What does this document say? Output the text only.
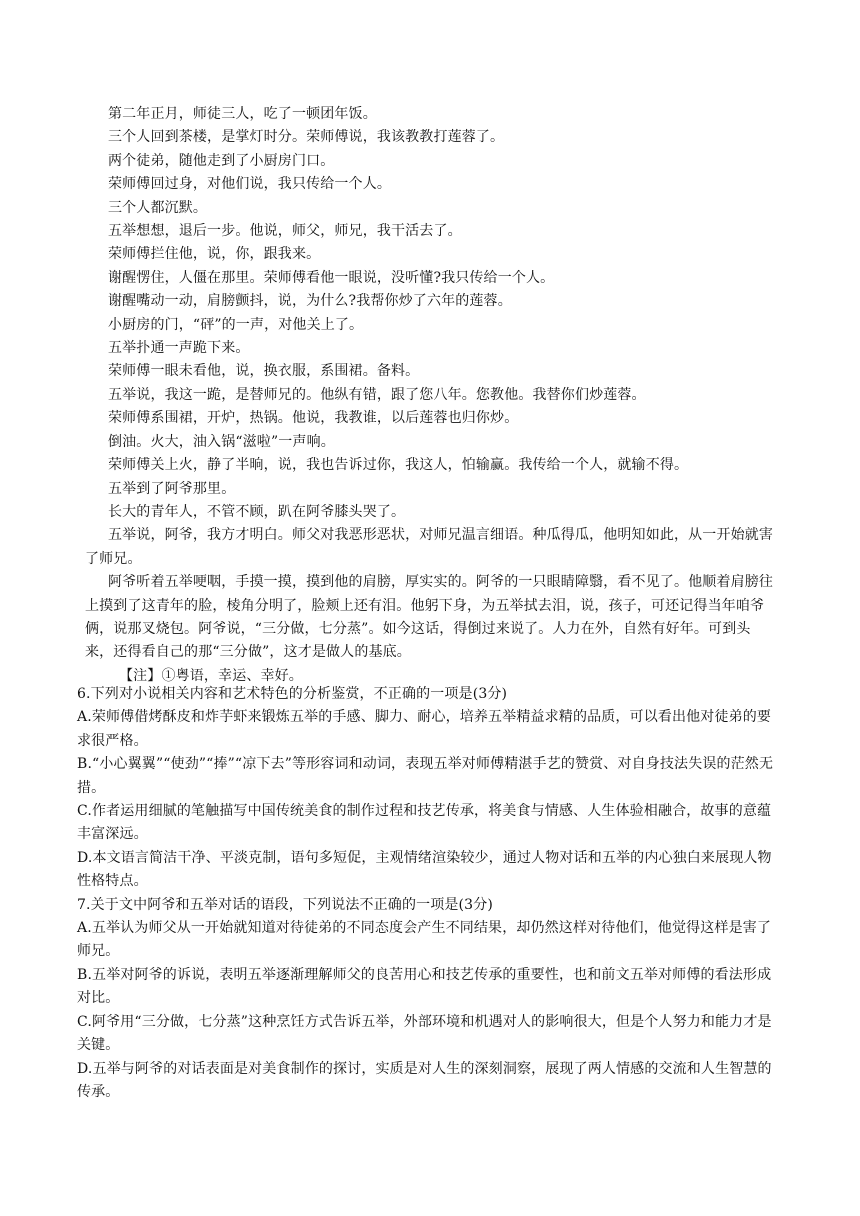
第二年正月，师徒三人，吃了一顿团年饭。

三个人回到茶楼，是掌灯时分。荣师傅说，我该教教打莲蓉了。

两个徒弟，随他走到了小厨房门口。

荣师傅回过身，对他们说，我只传给一个人。

三个人都沉默。

五举想想，退后一步。他说，师父，师兄，我干活去了。

荣师傅拦住他，说，你，跟我来。

谢醒愣住，人僵在那里。荣师傅看他一眼说，没听懂?我只传给一个人。

谢醒嘴动一动，肩膀颤抖，说，为什么?我帮你炒了六年的莲蓉。

小厨房的门，“砰”的一声，对他关上了。

五举扑通一声跪下来。

荣师傅一眼未看他，说，换衣服，系围裙。备料。

五举说，我这一跪，是替师兄的。他纵有错，跟了您八年。您教他。我替你们炒莲蓉。

荣师傅系围裙，开炉，热锅。他说，我教谁，以后莲蓉也归你炒。

倒油。火大，油入锅“滋啦”一声响。

荣师傅关上火，静了半晌，说，我也告诉过你，我这人，怕输赢。我传给一个人，就输不得。

五举到了阿爷那里。

长大的青年人，不管不顾，趴在阿爷膝头哭了。

五举说，阿爷，我方才明白。师父对我恶形恶状，对师兄温言细语。种瓜得瓜，他明知如此，从一开始就害了师兄。

阿爷听着五举哽咽，手摸一摸，摸到他的肩膀，厚实实的。阿爷的一只眼睛障翳，看不见了。他顺着肩膀往上摸到了这青年的脸，棱角分明了，脸颊上还有泪。他躬下身，为五举拭去泪，说，孩子，可还记得当年咱爷俩，说那叉烧包。阿爷说，“三分做，七分蒸”。如今这话，得倒过来说了。人力在外，自然有好年。可到头来，还得看自己的那“三分做”，这才是做人的基底。

【注】①粤语，幸运、幸好。

6.下列对小说相关内容和艺术特色的分析鉴赏，不正确的一项是(3分)

A.荣师傅借烤酥皮和炸芋虾来锻炼五举的手感、脚力、耐心，培养五举精益求精的品质，可以看出他对徒弟的要求很严格。

B.“小心翼翼”“使劲”“捧”“凉下去”等形容词和动词，表现五举对师傅精湛手艺的赞赏、对自身技法失误的茫然无措。

C.作者运用细腻的笔触描写中国传统美食的制作过程和技艺传承，将美食与情感、人生体验相融合，故事的意蕴丰富深远。

D.本文语言简洁干净、平淡克制，语句多短促，主观情绪渲染较少，通过人物对话和五举的内心独白来展现人物性格特点。

7.关于文中阿爷和五举对话的语段，下列说法不正确的一项是(3分)

A.五举认为师父从一开始就知道对待徒弟的不同态度会产生不同结果，却仍然这样对待他们，他觉得这样是害了师兄。

B.五举对阿爷的诉说，表明五举逐渐理解师父的良苦用心和技艺传承的重要性，也和前文五举对师傅的看法形成对比。

C.阿爷用“三分做，七分蒸”这种烹饪方式告诉五举，外部环境和机遇对人的影响很大，但是个人努力和能力才是关键。

D.五举与阿爷的对话表面是对美食制作的探讨，实质是对人生的深刻洞察，展现了两人情感的交流和人生智慧的传承。
